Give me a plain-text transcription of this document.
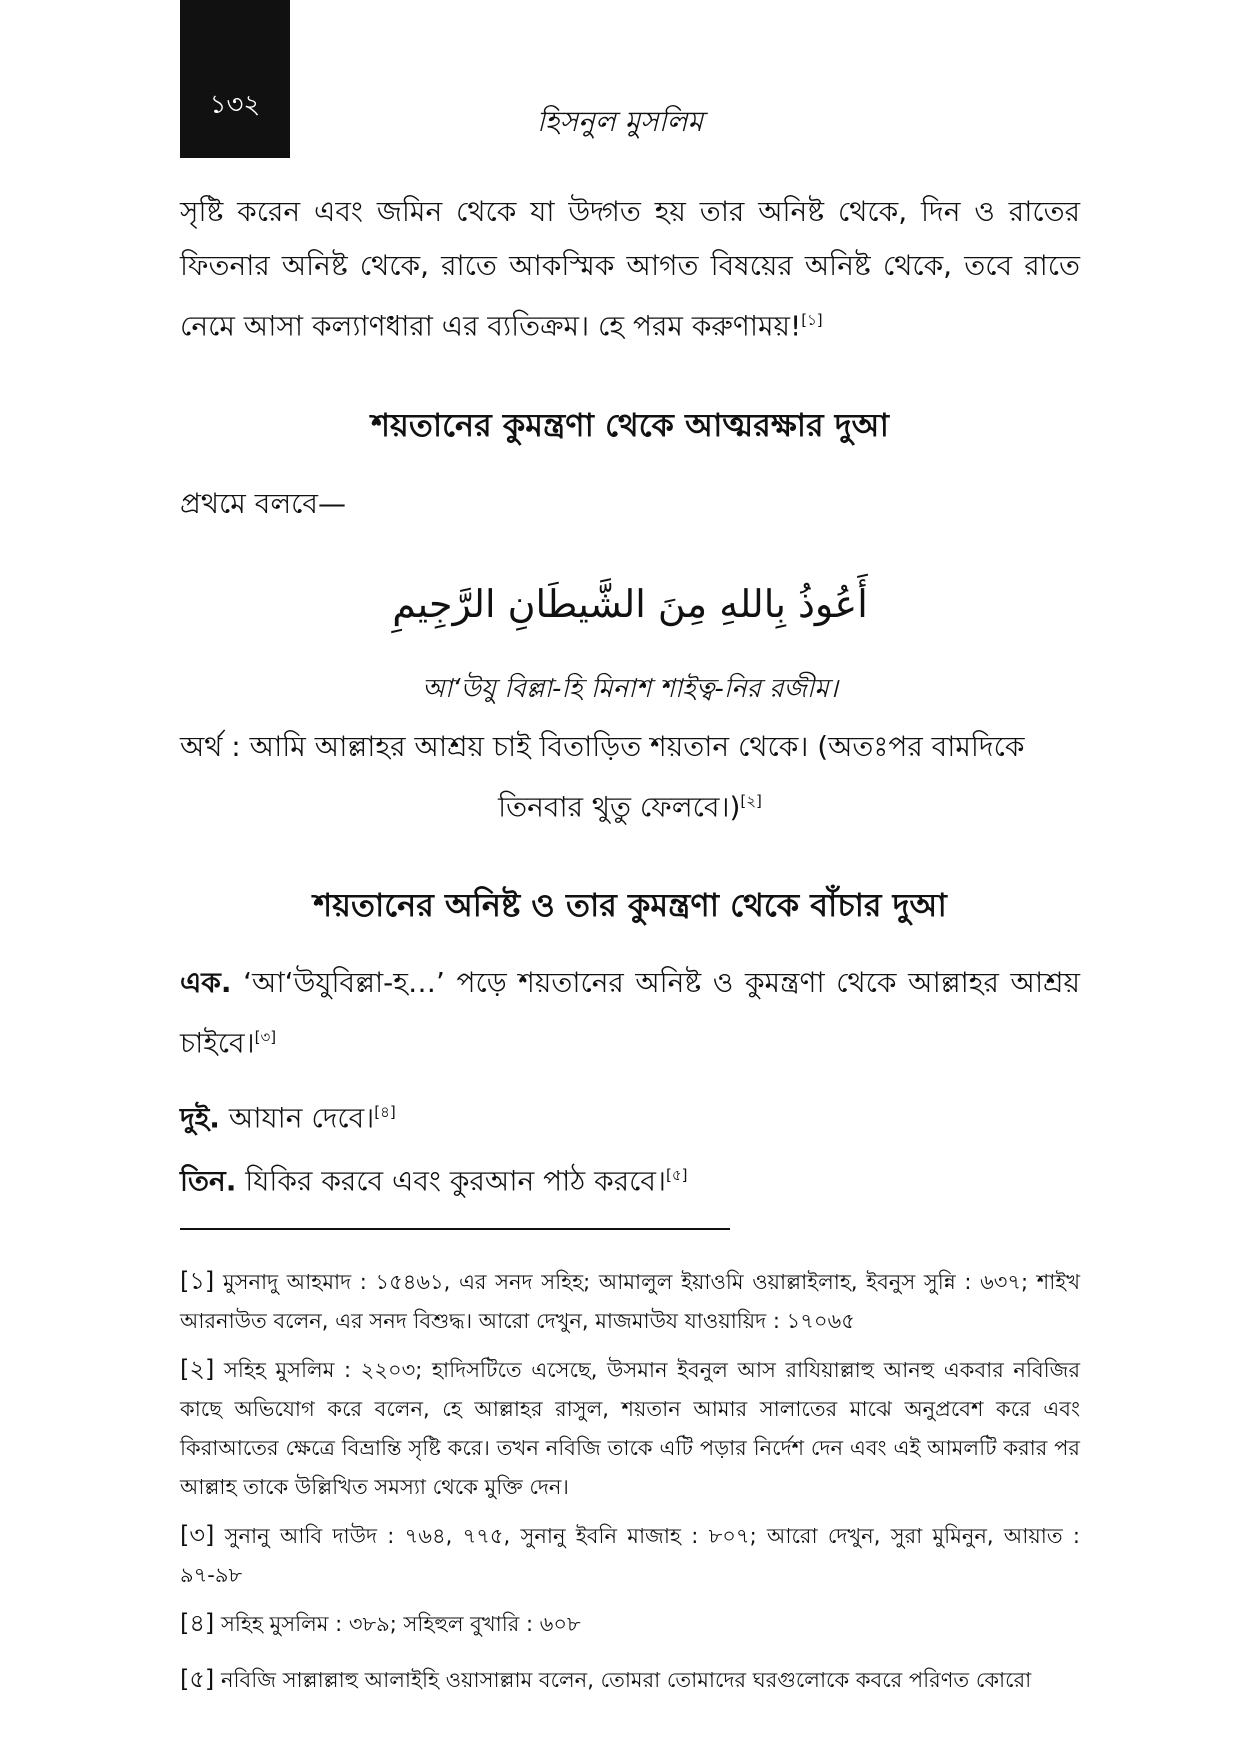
১৩২	হিসনুল মুসলিম
সৃষ্টি করেন এবং জমিন থেকে যা উদ্গত হয় তার অনিষ্ট থেকে, দিন ও রাতের ফিতনার অনিষ্ট থেকে, রাতে আকস্মিক আগত বিষয়ের অনিষ্ট থেকে, তবে রাতে নেমে আসা কল্যাণধারা এর ব্যতিক্রম। হে পরম করুণাময়![১]
শয়তানের কুমন্ত্রণা থেকে আত্মরক্ষার দুআ
প্রথমে বলবে—
أَعُوذُ بِاللهِ مِنَ الشَّيطَانِ الرَّجِيمِ
আ‘উযু বিল্লা-হি মিনাশ শাইত্ব-নির রজীম।
অর্থ : আমি আল্লাহর আশ্রয় চাই বিতাড়িত শয়তান থেকে। (অতঃপর বামদিকে
তিনবার থুতু ফেলবে।)[২]
শয়তানের অনিষ্ট ও তার কুমন্ত্রণা থেকে বাঁচার দুআ
এক. ‘আ‘উযুবিল্লা-হ…’ পড়ে শয়তানের অনিষ্ট ও কুমন্ত্রণা থেকে আল্লাহর আশ্রয় চাইবে।[৩]
দুই. আযান দেবে।[৪]
তিন. যিকির করবে এবং কুরআন পাঠ করবে।[৫]
[১] মুসনাদু আহমাদ : ১৫৪৬১, এর সনদ সহিহ; আমালুল ইয়াওমি ওয়াল্লাইলাহ, ইবনুস সুন্নি : ৬৩৭; শাইখ আরনাউত বলেন, এর সনদ বিশুদ্ধ। আরো দেখুন, মাজমাউয যাওয়ায়িদ : ১৭০৬৫
[২] সহিহ মুসলিম : ২২০৩; হাদিসটিতে এসেছে, উসমান ইবনুল আস রাযিয়াল্লাহু আনহু একবার নবিজির কাছে অভিযোগ করে বলেন, হে আল্লাহর রাসুল, শয়তান আমার সালাতের মাঝে অনুপ্রবেশ করে এবং কিরাআতের ক্ষেত্রে বিভ্রান্তি সৃষ্টি করে। তখন নবিজি তাকে এটি পড়ার নির্দেশ দেন এবং এই আমলটি করার পর আল্লাহ তাকে উল্লিখিত সমস্যা থেকে মুক্তি দেন।
[৩] সুনানু আবি দাউদ : ৭৬৪, ৭৭৫, সুনানু ইবনি মাজাহ : ৮০৭; আরো দেখুন, সুরা মুমিনুন, আয়াত : ৯৭-৯৮
[৪] সহিহ মুসলিম : ৩৮৯; সহিহুল বুখারি : ৬০৮
[৫] নবিজি সাল্লাল্লাহু আলাইহি ওয়াসাল্লাম বলেন, তোমরা তোমাদের ঘরগুলোকে কবরে পরিণত কোরো
